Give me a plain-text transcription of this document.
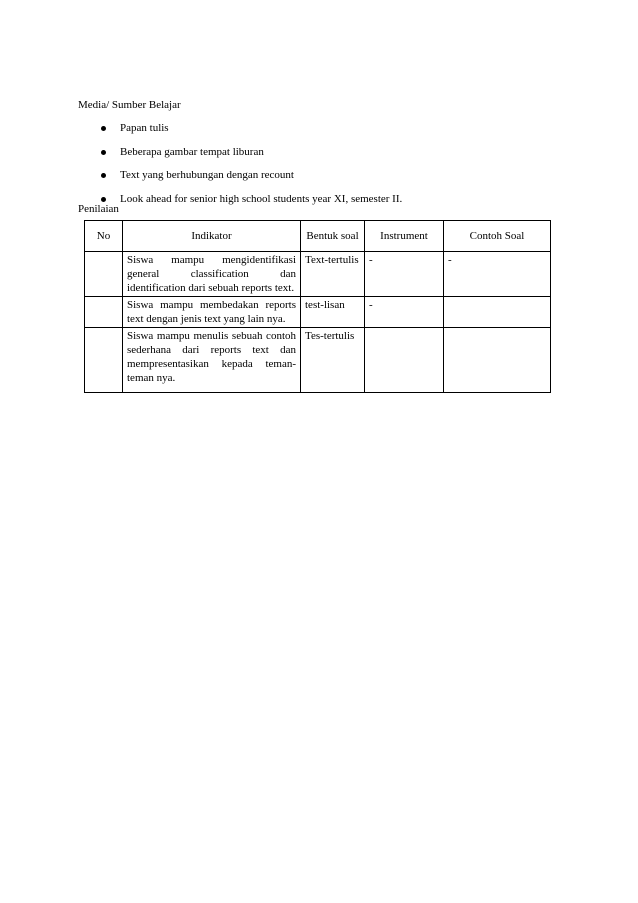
Media/ Sumber Belajar
Papan tulis
Beberapa gambar tempat liburan
Text yang berhubungan dengan recount
Look ahead for senior high school students year XI, semester II.
Penilaian
No	Indikator	Bentuk soal	Instrument	Contoh Soal
	Siswa mampu mengidentifikasi general classification dan identification dari sebuah reports text.	Text-tertulis	-	-
	Siswa mampu membedakan reports text dengan jenis text yang lain nya.	test-lisan	-	
	Siswa mampu menulis sebuah contoh sederhana dari reports text dan mempresentasikan kepada teman-teman nya.	Tes-tertulis		
